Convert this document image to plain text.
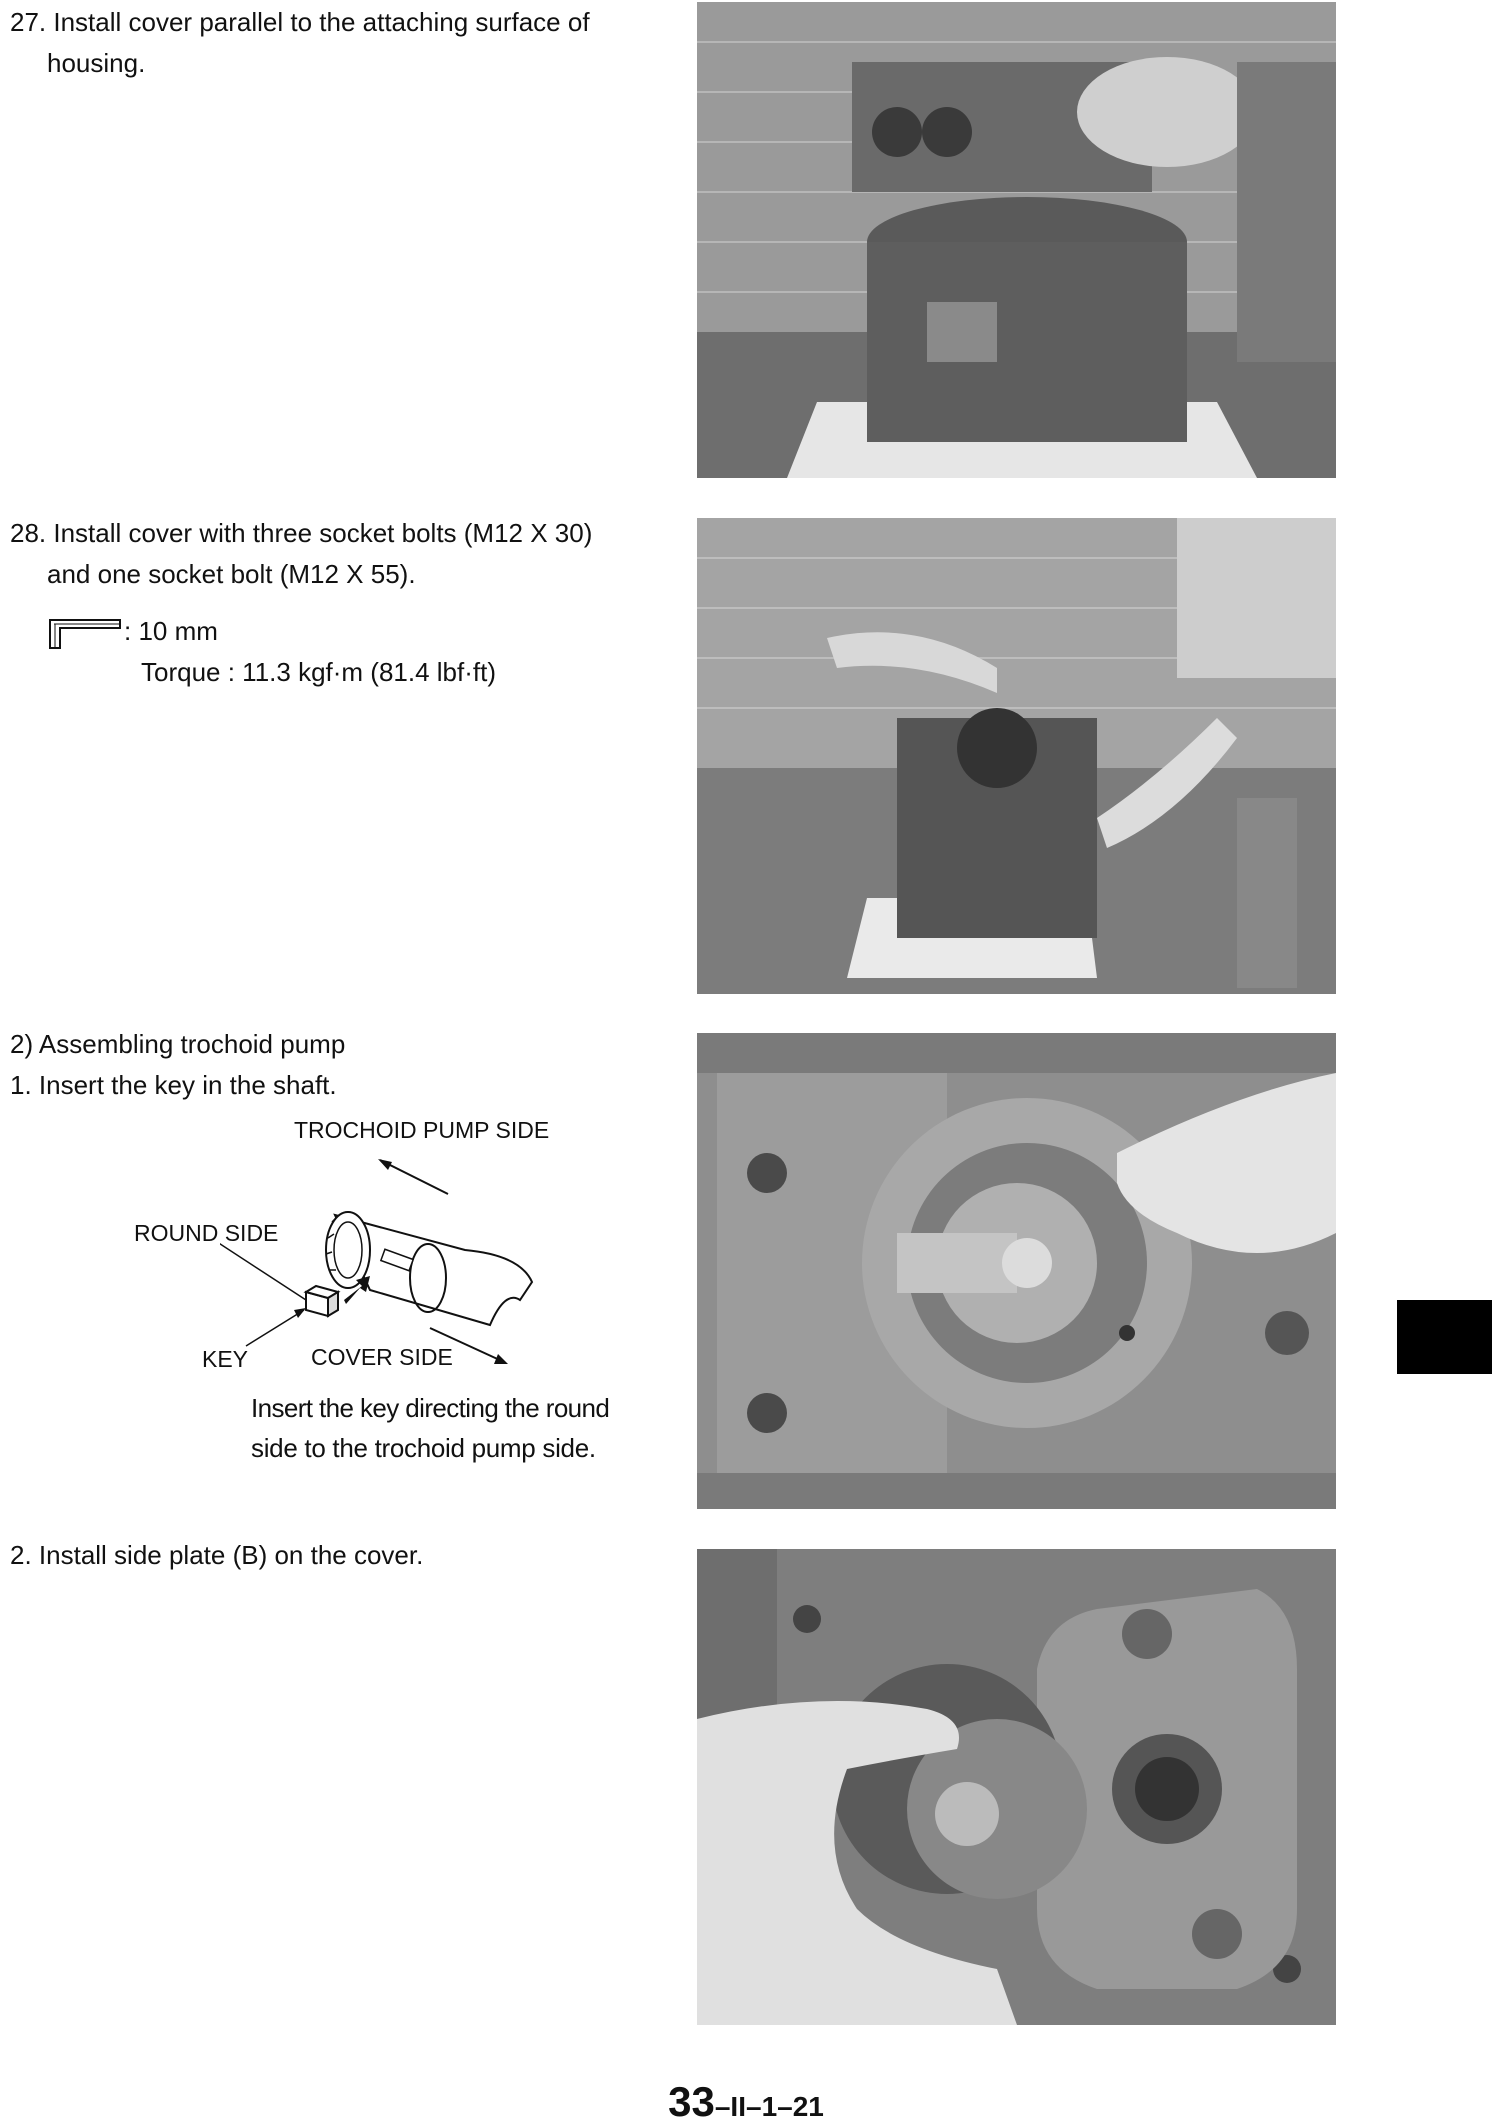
27. Install cover parallel to the attaching surface of
housing.
28. Install cover with three socket bolts (M12 X 30)
and one socket bolt (M12 X 55).
: 10 mm
Torque : 11.3 kgf·m (81.4 lbf·ft)
2) Assembling trochoid pump
1. Insert the key in the shaft.
TROCHOID PUMP SIDE
ROUND SIDE
KEY	COVER SIDE
Insert the key directing the round
side to the trochoid pump side.
2. Install side plate (B) on the cover.
33–II–1–21
